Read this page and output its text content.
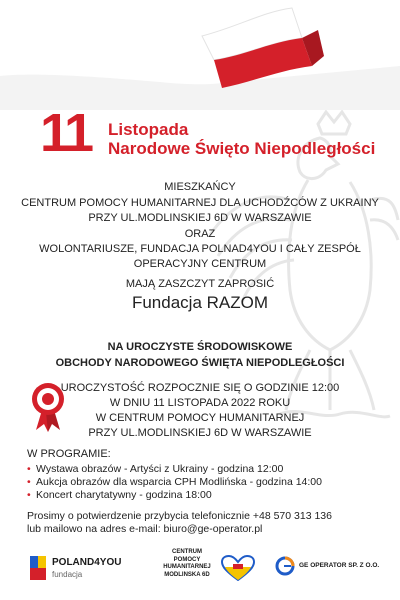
11 Listopada
Narodowe Święto Niepodległości
MIESZKAŃCY
CENTRUM POMOCY HUMANITARNEJ DLA UCHODŹCÓW Z UKRAINY
PRZY UL.MODLINSKIEJ 6D W WARSZAWIE
ORAZ
WOLONTARIUSZE, FUNDACJA POLNAD4YOU I CAŁY ZESPÓŁ
OPERACYJNY CENTRUM
MAJĄ ZASZCZYT ZAPROSIĆ
Fundacja RAZOM
NA UROCZYSTE ŚRODOWISKOWE
OBCHODY NARODOWEGO ŚWIĘTA NIEPODLEGŁOŚCI
UROCZYSTOŚĆ ROZPOCZNIE SIĘ O GODZINIE 12:00
W DNIU 11 LISTOPADA 2022 ROKU
W CENTRUM POMOCY HUMANITARNEJ
PRZY UL.MODLINSKIEJ 6D W WARSZAWIE
W PROGRAMIE:
• Wystawa obrazów - Artyści z Ukrainy - godzina 12:00
• Aukcja obrazów dla wsparcia CPH Modlińska - godzina 14:00
• Koncert charytatywny - godzina 18:00
Prosimy o potwierdzenie przybycia telefonicznie +48 570 313 136
lub mailowo na adres e-mail: biuro@ge-operator.pl
POLAND4YOU
fundacja
CENTRUM
POMOCY
HUMANITARNEJ
MODLINSKA 6D
GE OPERATOR SP. Z O.O.
